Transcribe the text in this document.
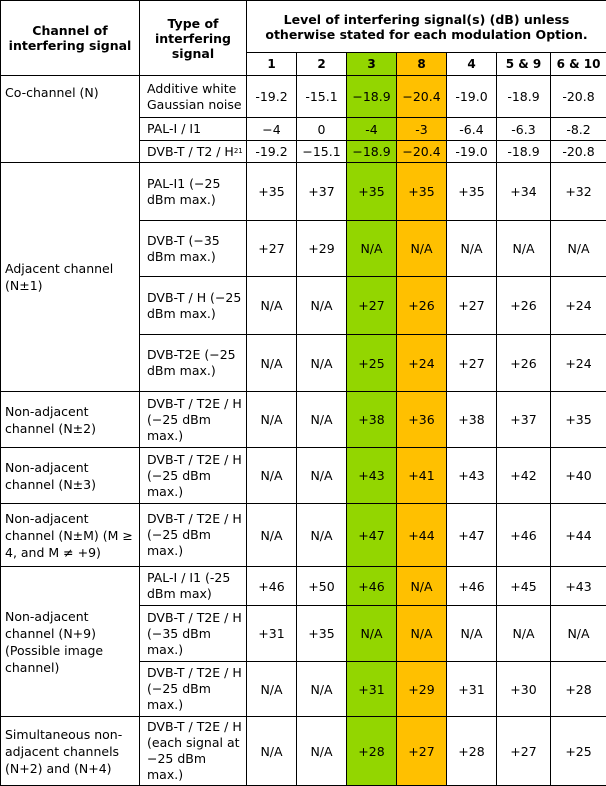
Channel of interfering signal	Type of interfering signal	Level of interfering signal(s) (dB) unless otherwise stated for each modulation Option.						
		1	2	3	8	4	5 & 9	6 & 10
Co-channel (N)	Additive white Gaussian noise	-19.2	-15.1	−18.9	−20.4	-19.0	-18.9	-20.8
	PAL-I / I1	−4	0	-4	-3	-6.4	-6.3	-8.2
	$DVB-T / T2 / H^{21}$	-19.2	−15.1	−18.9	−20.4	-19.0	-18.9	-20.8
Adjacent channel (N±1)	PAL-I1 (−25 dBm max.)	+35	+37	+35	+35	+35	+34	+32
	DVB-T (−35 dBm max.)	+27	+29	N/A	N/A	N/A	N/A	N/A
	DVB-T / H (−25 dBm max.)	N/A	N/A	+27	+26	+27	+26	+24
	DVB-T2E (−25 dBm max.)	N/A	N/A	+25	+24	+27	+26	+24
Non-adjacent channel (N±2)	DVB-T / T2E / H (−25 dBm max.)	N/A	N/A	+38	+36	+38	+37	+35
Non-adjacent channel (N±3)	DVB-T / T2E / H (−25 dBm max.)	N/A	N/A	+43	+41	+43	+42	+40
Non-adjacent channel (N±M) (M ≥ 4, and M ≠ +9)	DVB-T / T2E / H (−25 dBm max.)	N/A	N/A	+47	+44	+47	+46	+44
Non-adjacent channel (N+9) (Possible image channel)	PAL-I / I1 (-25 dBm max)	+46	+50	+46	N/A	+46	+45	+43
	DVB-T / T2E / H (−35 dBm max.)	+31	+35	N/A	N/A	N/A	N/A	N/A
	DVB-T / T2E / H (−25 dBm max.)	N/A	N/A	+31	+29	+31	+30	+28
Simultaneous non-adjacent channels (N+2) and (N+4)	DVB-T / T2E / H (each signal at −25 dBm max.)	N/A	N/A	+28	+27	+28	+27	+25
